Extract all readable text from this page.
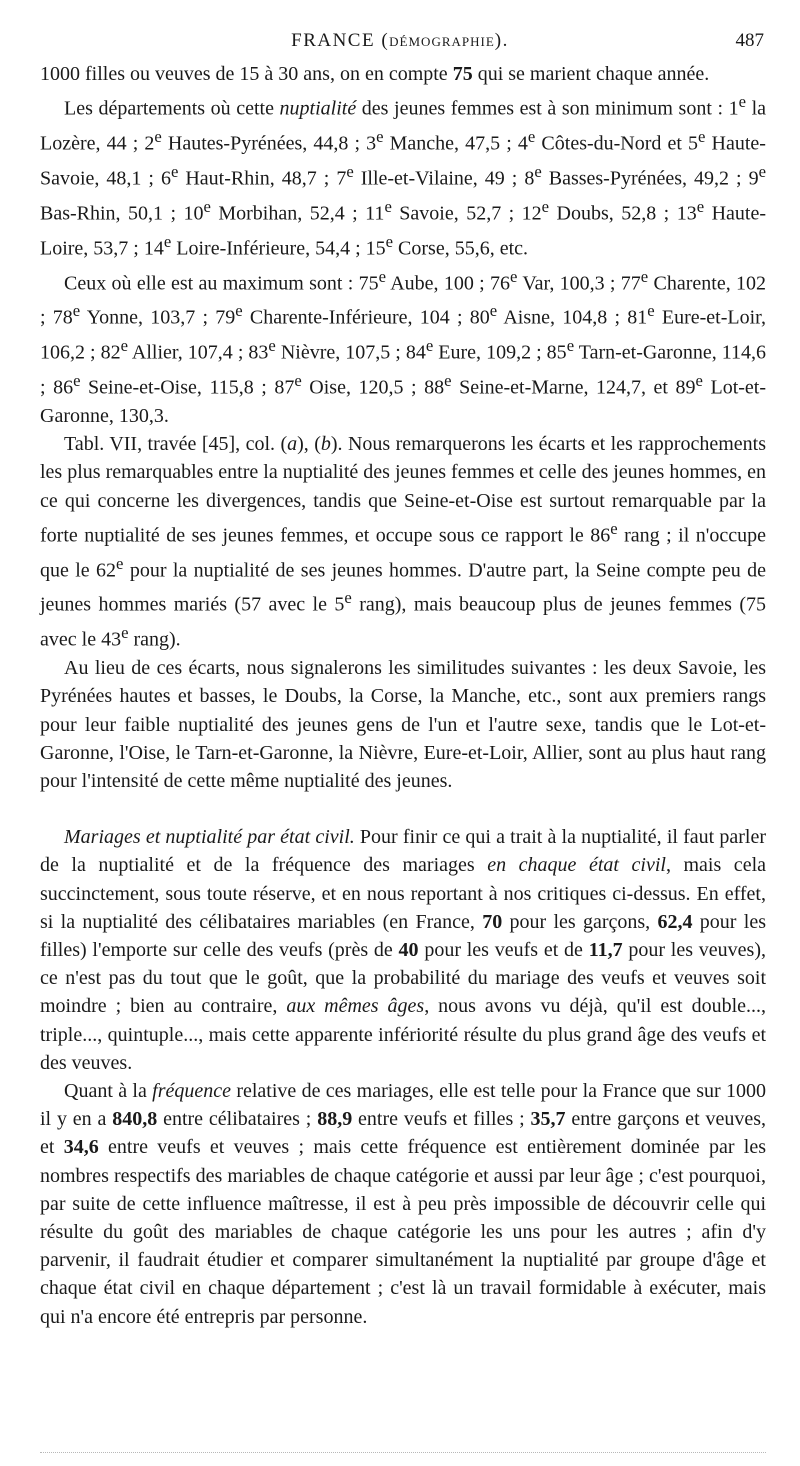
FRANCE (DÉMOGRAPHIE).	487

1000 filles ou veuves de 15 à 30 ans, on en compte 75 qui se marient chaque année.

Les départements où cette nuptialité des jeunes femmes est à son minimum sont : 1e la Lozère, 44 ; 2e Hautes-Pyrénées, 44,8 ; 3e Manche, 47,5 ; 4e Côtes-du-Nord et 5e Haute-Savoie, 48,1 ; 6e Haut-Rhin, 48,7 ; 7e Ille-et-Vilaine, 49 ; 8e Basses-Pyrénées, 49,2 ; 9e Bas-Rhin, 50,1 ; 10e Morbihan, 52,4 ; 11e Savoie, 52,7 ; 12e Doubs, 52,8 ; 13e Haute-Loire, 53,7 ; 14e Loire-Inférieure, 54,4 ; 15e Corse, 55,6, etc.

Ceux où elle est au maximum sont : 75e Aube, 100 ; 76e Var, 100,3 ; 77e Charente, 102 ; 78e Yonne, 103,7 ; 79e Charente-Inférieure, 104 ; 80e Aisne, 104,8 ; 81e Eure-et-Loir, 106,2 ; 82e Allier, 107,4 ; 83e Nièvre, 107,5 ; 84e Eure, 109,2 ; 85e Tarn-et-Garonne, 114,6 ; 86e Seine-et-Oise, 115,8 ; 87e Oise, 120,5 ; 88e Seine-et-Marne, 124,7, et 89e Lot-et-Garonne, 130,3.

Tabl. VII, travée [45], col. (a), (b). Nous remarquerons les écarts et les rapprochements les plus remarquables entre la nuptialité des jeunes femmes et celle des jeunes hommes, en ce qui concerne les divergences, tandis que Seine-et-Oise est surtout remarquable par la forte nuptialité de ses jeunes femmes, et occupe sous ce rapport le 86e rang ; il n'occupe que le 62e pour la nuptialité de ses jeunes hommes. D'autre part, la Seine compte peu de jeunes hommes mariés (57 avec le 5e rang), mais beaucoup plus de jeunes femmes (75 avec le 43e rang).

Au lieu de ces écarts, nous signalerons les similitudes suivantes : les deux Savoie, les Pyrénées hautes et basses, le Doubs, la Corse, la Manche, etc., sont aux premiers rangs pour leur faible nuptialité des jeunes gens de l'un et l'autre sexe, tandis que le Lot-et-Garonne, l'Oise, le Tarn-et-Garonne, la Nièvre, Eure-et-Loir, Allier, sont au plus haut rang pour l'intensité de cette même nuptialité des jeunes.

Mariages et nuptialité par état civil. Pour finir ce qui a trait à la nuptialité, il faut parler de la nuptialité et de la fréquence des mariages en chaque état civil, mais cela succinctement, sous toute réserve, et en nous reportant à nos critiques ci-dessus. En effet, si la nuptialité des célibataires mariables (en France, 70 pour les garçons, 62,4 pour les filles) l'emporte sur celle des veufs (près de 40 pour les veufs et de 11,7 pour les veuves), ce n'est pas du tout que le goût, que la probabilité du mariage des veufs et veuves soit moindre ; bien au contraire, aux mêmes âges, nous avons vu déjà, qu'il est double..., triple..., quintuple..., mais cette apparente infériorité résulte du plus grand âge des veufs et des veuves.

Quant à la fréquence relative de ces mariages, elle est telle pour la France que sur 1000 il y en a 840,8 entre célibataires ; 88,9 entre veufs et filles ; 35,7 entre garçons et veuves, et 34,6 entre veufs et veuves ; mais cette fréquence est entièrement dominée par les nombres respectifs des mariables de chaque catégorie et aussi par leur âge ; c'est pourquoi, par suite de cette influence maîtresse, il est à peu près impossible de découvrir celle qui résulte du goût des mariables de chaque catégorie les uns pour les autres ; afin d'y parvenir, il faudrait étudier et comparer simultanément la nuptialité par groupe d'âge et chaque état civil en chaque département ; c'est là un travail formidable à exécuter, mais qui n'a encore été entrepris par personne.
